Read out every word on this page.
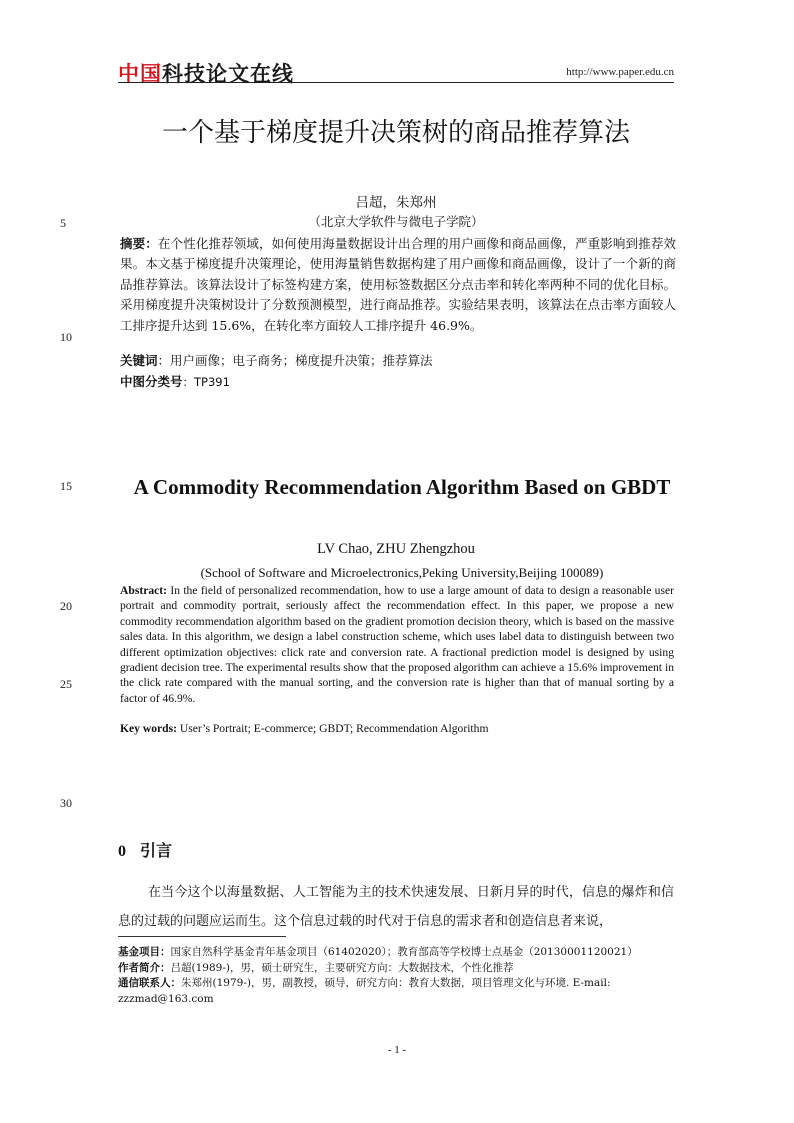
中国科技论文在线	http://www.paper.edu.cn
一个基于梯度提升决策树的商品推荐算法
吕超，朱郑州
（北京大学软件与微电子学院）
5
10
15
20
25
30
摘要：在个性化推荐领域，如何使用海量数据设计出合理的用户画像和商品画像，严重影响到推荐效果。本文基于梯度提升决策理论，使用海量销售数据构建了用户画像和商品画像，设计了一个新的商品推荐算法。该算法设计了标签构建方案，使用标签数据区分点击率和转化率两种不同的优化目标。采用梯度提升决策树设计了分数预测模型，进行商品推荐。实验结果表明，该算法在点击率方面较人工排序提升达到 15.6%，在转化率方面较人工排序提升 46.9%。
关键词：用户画像；电子商务；梯度提升决策；推荐算法
中图分类号：TP391
A Commodity Recommendation Algorithm Based on GBDT
LV Chao, ZHU Zhengzhou
(School of Software and Microelectronics,Peking University,Beijing 100089)
Abstract: In the field of personalized recommendation, how to use a large amount of data to design a reasonable user portrait and commodity portrait, seriously affect the recommendation effect. In this paper, we propose a new commodity recommendation algorithm based on the gradient promotion decision theory, which is based on the massive sales data. In this algorithm, we design a label construction scheme, which uses label data to distinguish between two different optimization objectives: click rate and conversion rate. A fractional prediction model is designed by using gradient decision tree. The experimental results show that the proposed algorithm can achieve a 15.6% improvement in the click rate compared with the manual sorting, and the conversion rate is higher than that of manual sorting by a factor of 46.9%.
Key words: User’s Portrait; E-commerce; GBDT; Recommendation Algorithm
0 引言
在当今这个以海量数据、人工智能为主的技术快速发展、日新月异的时代，信息的爆炸和信息的过载的问题应运而生。这个信息过载的时代对于信息的需求者和创造信息者来说，
基金项目：国家自然科学基金青年基金项目（61402020）；教育部高等学校博士点基金（20130001120021）
作者简介：吕超(1989-)，男，硕士研究生，主要研究方向：大数据技术，个性化推荐
通信联系人：朱郑州(1979-)，男，副教授，硕导，研究方向：教育大数据，项目管理文化与环境. E-mail: zzzmad@163.com
- 1 -
